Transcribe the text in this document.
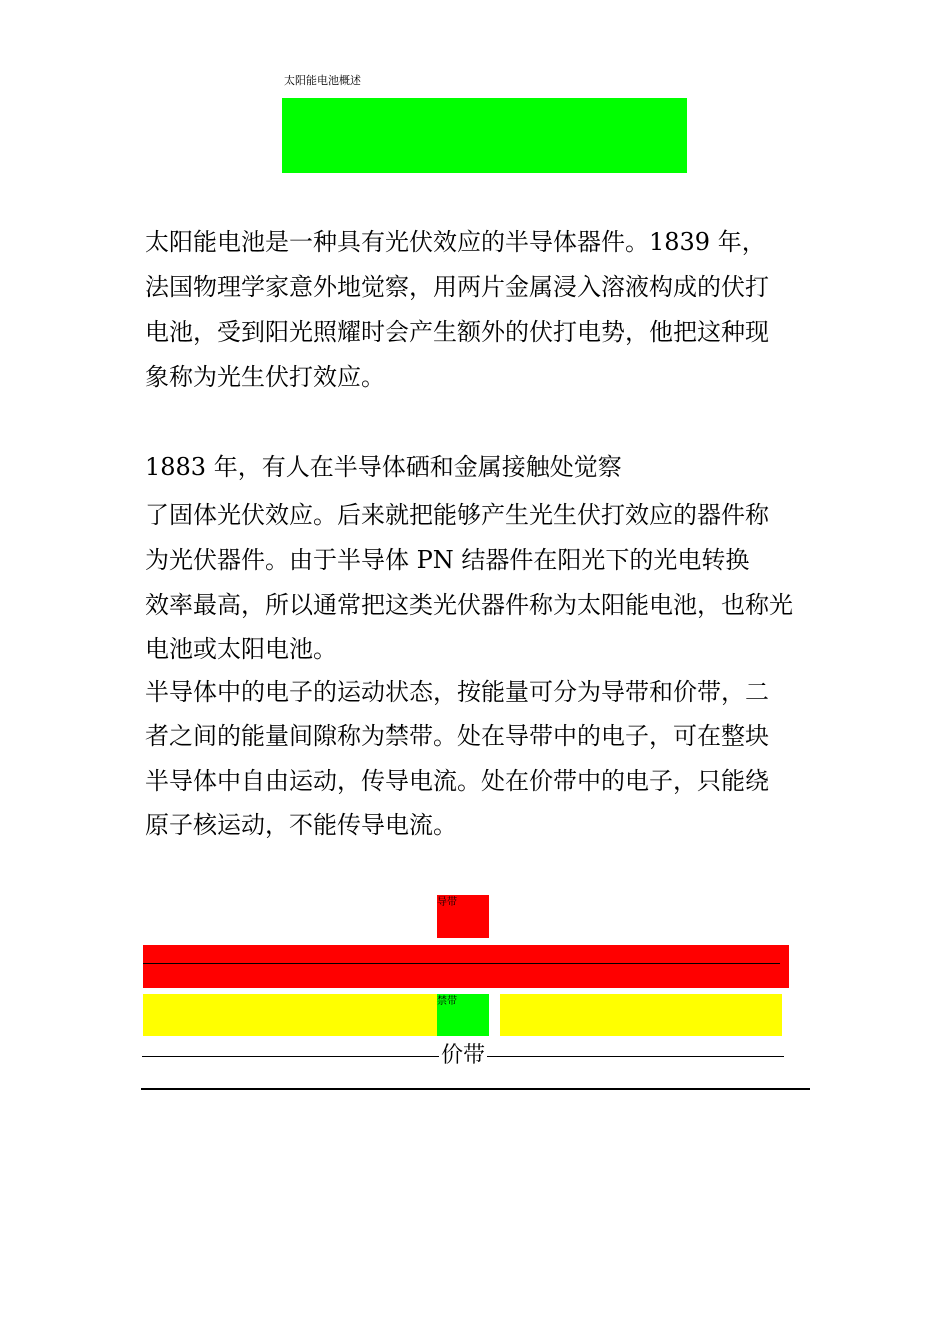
太阳能电池概述
太阳能电池是一种具有光伏效应的半导体器件。1839 年，
法国物理学家意外地觉察，用两片金属浸入溶液构成的伏打
电池，受到阳光照耀时会产生额外的伏打电势，他把这种现
象称为光生伏打效应。
1883 年，有人在半导体硒和金属接触处觉察
了固体光伏效应。后来就把能够产生光生伏打效应的器件称
为光伏器件。由于半导体 PN 结器件在阳光下的光电转换
效率最高，所以通常把这类光伏器件称为太阳能电池，也称光
电池或太阳电池。
半导体中的电子的运动状态，按能量可分为导带和价带，二
者之间的能量间隙称为禁带。处在导带中的电子，可在整块
半导体中自由运动，传导电流。处在价带中的电子，只能绕
原子核运动，不能传导电流。
导带
禁带
价带
